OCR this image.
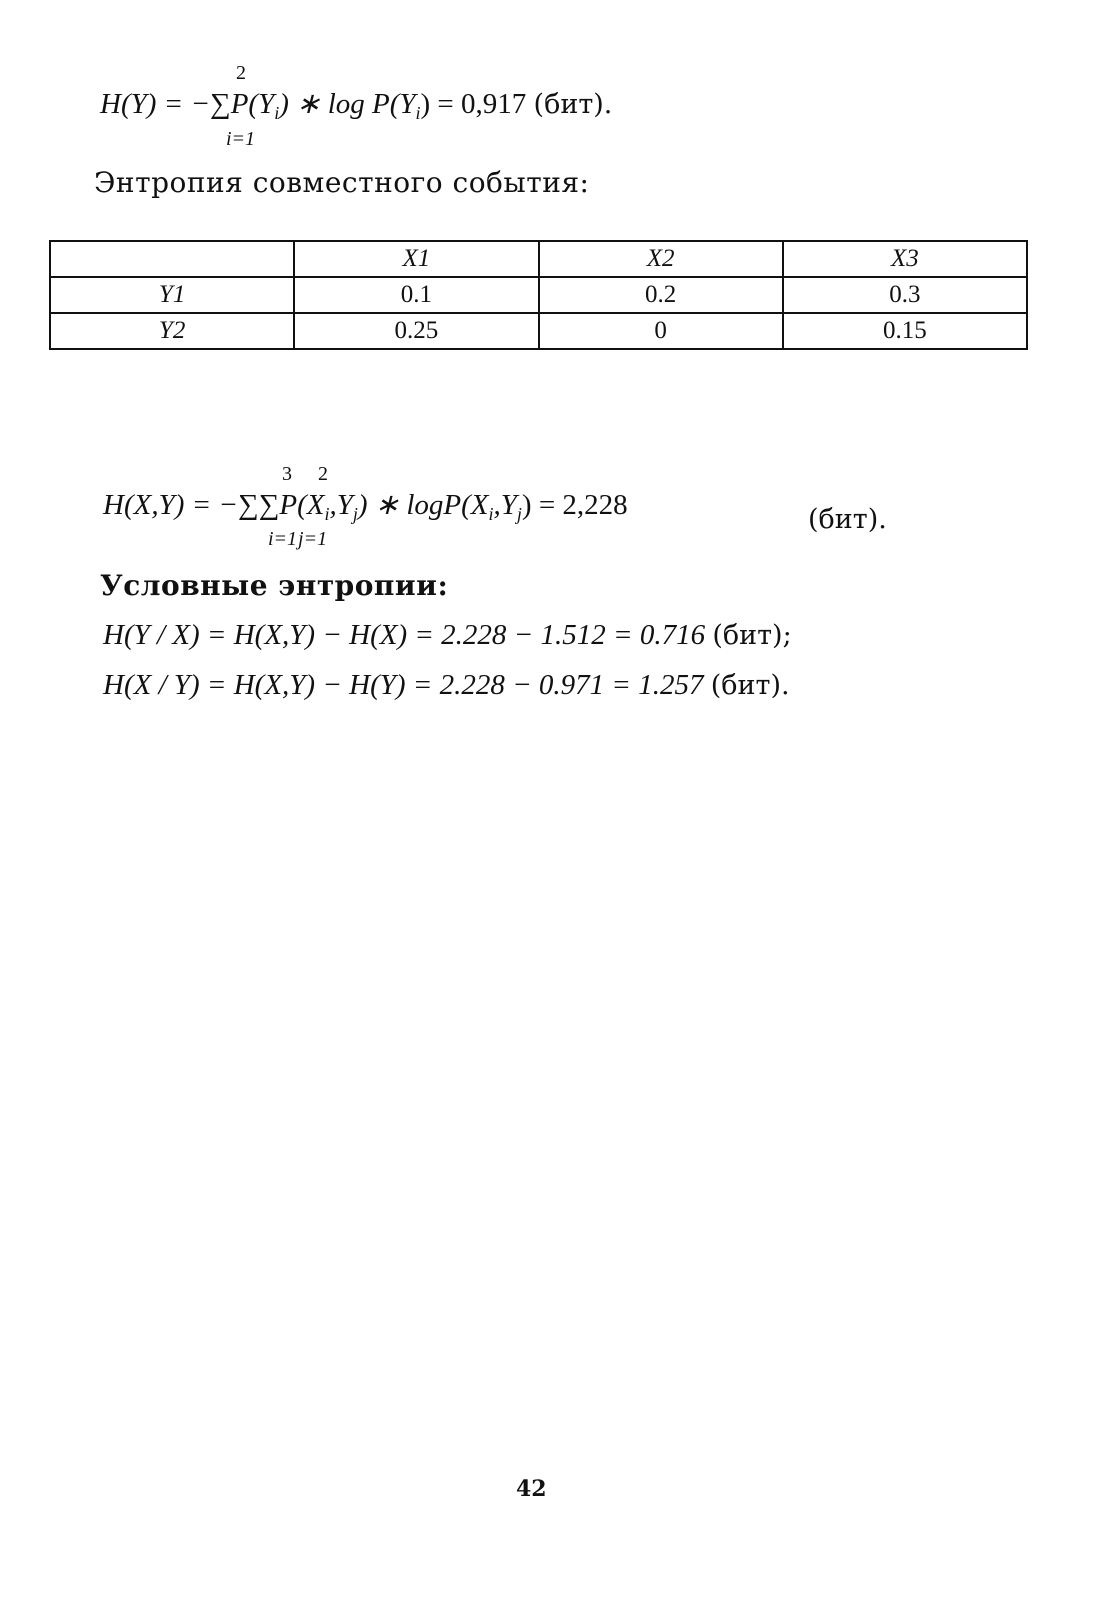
$H(Y) = -\sum P(Y_i)$ ∗ $\log P(Y_i) = 0,917$ (бит).
2
i=1
Энтропия совместного события:
	X1	X2	X3
Y1	0.1	0.2	0.3
Y2	0.25	0	0.15
$H(X,Y) = -\sum\sum P(X_i,Y_j)$ ∗ $\log P(X_i,Y_j) = 2,228$
3 2
i=1 j=1
(бит).
Условные энтропии:
H(Y / X) = H(X,Y) − H(X) = 2.228 − 1.512 = 0.716 (бит);
H(X / Y) = H(X,Y) − H(Y) = 2.228 − 0.971 = 1.257 (бит).
42
